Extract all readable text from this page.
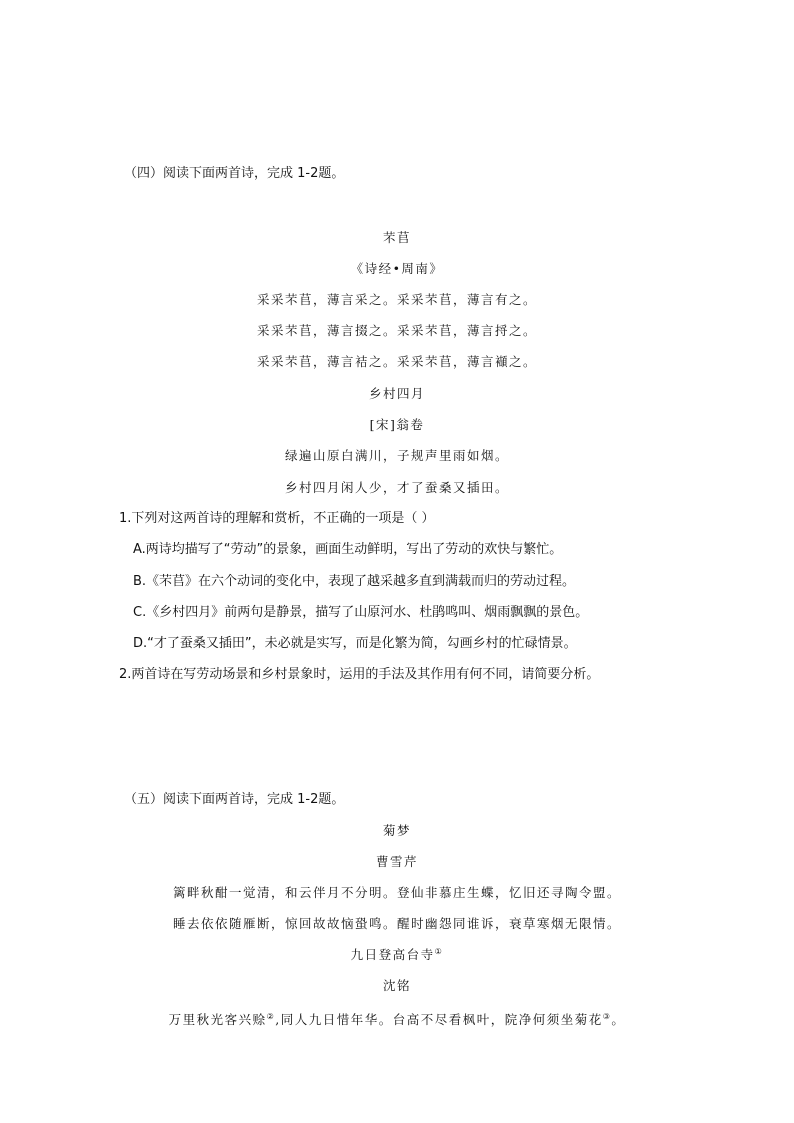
（四）阅读下面两首诗，完成 1-2题。
芣苢
《诗经•周南》
采采芣苢，薄言采之。采采芣苢，薄言有之。
采采芣苢，薄言掇之。采采芣苢，薄言捋之。
采采芣苢，薄言袺之。采采芣苢，薄言襭之。
乡村四月
[宋]翁卷
绿遍山原白满川，子规声里雨如烟。
乡村四月闲人少，才了蚕桑又插田。
1.下列对这两首诗的理解和赏析，不正确的一项是（ ）
A.两诗均描写了“劳动”的景象，画面生动鲜明，写出了劳动的欢快与繁忙。
B.《芣苢》在六个动词的变化中，表现了越采越多直到满载而归的劳动过程。
C.《乡村四月》前两句是静景，描写了山原河水、杜鹃鸣叫、烟雨飘飘的景色。
D.“才了蚕桑又插田”，未必就是实写，而是化繁为简，勾画乡村的忙碌情景。
2.两首诗在写劳动场景和乡村景象时，运用的手法及其作用有何不同，请简要分析。
（五）阅读下面两首诗，完成 1-2题。
菊梦
曹雪芹
篱畔秋酣一觉清，和云伴月不分明。登仙非慕庄生蝶，忆旧还寻陶令盟。
睡去依依随雁断，惊回故故恼蛩鸣。醒时幽怨同谁诉，衰草寒烟无限情。
九日登高台寺①
沈铭
万里秋光客兴赊②,同人九日惜年华。台高不尽看枫叶，院净何须坐菊花③。
